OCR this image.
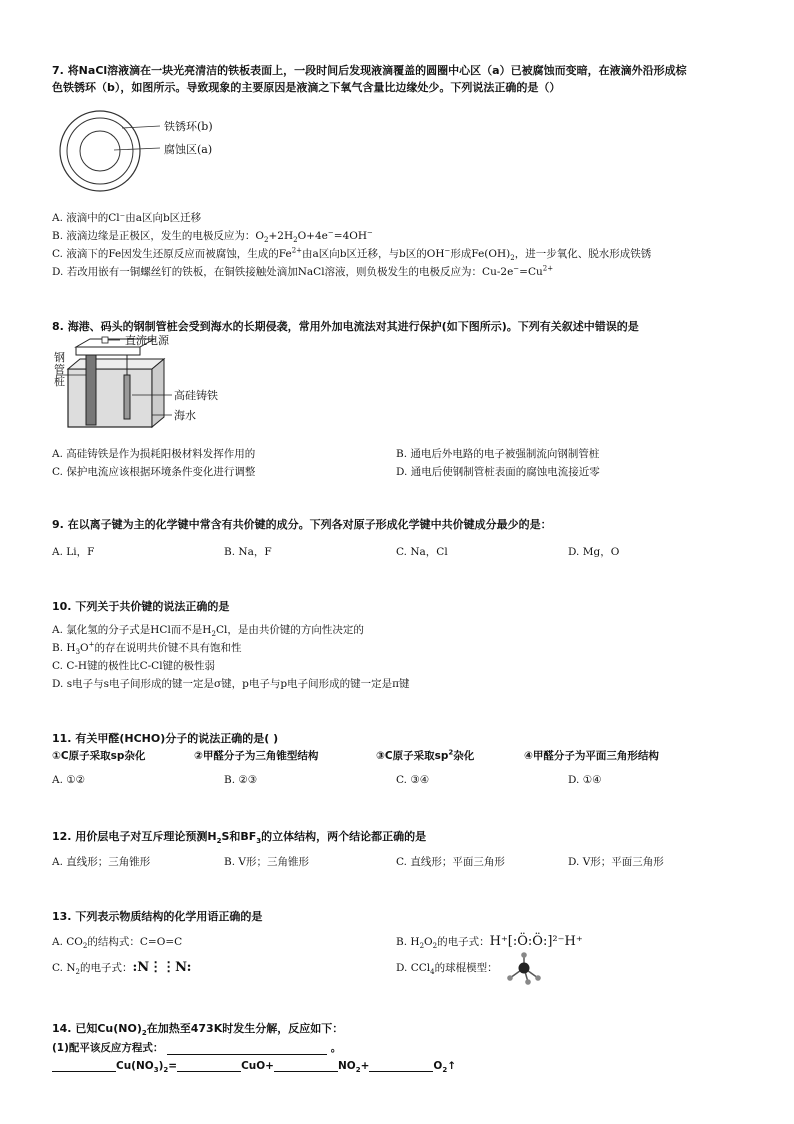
7. 将NaCl溶液滴在一块光亮清洁的铁板表面上，一段时间后发现液滴覆盖的圆圈中心区（a）已被腐蚀而变暗，在液滴外沿形成棕
色铁锈环（b），如图所示。导致现象的主要原因是液滴之下氧气含量比边缘处少。下列说法正确的是（）
铁锈环(b)
腐蚀区(a)
A. 液滴中的Cl⁻由a区向b区迁移
B. 液滴边缘是正极区，发生的电极反应为：$O_2+2H_2O+4e^-=4OH^-$
C. 液滴下的Fe因发生还原反应而被腐蚀，生成的$Fe^{2+}$由a区向b区迁移，与b区的OH−形成$Fe(OH)_2$，进一步氧化、脱水形成铁锈
D. 若改用嵌有一铜螺丝钉的铁板，在铜铁接触处滴加NaCl溶液，则负极发生的电极反应为：$Cu-2e^-=Cu^{2+}$
8. 海港、码头的钢制管桩会受到海水的长期侵袭，常用外加电流法对其进行保护(如下图所示)。下列有关叙述中错误的是
直流电源
钢管桩
高硅铸铁
海水
A. 高硅铸铁是作为损耗阳极材料发挥作用的	B. 通电后外电路的电子被强制流向钢制管桩
C. 保护电流应该根据环境条件变化进行调整	D. 通电后使钢制管桩表面的腐蚀电流接近零
9. 在以离子键为主的化学键中常含有共价键的成分。下列各对原子形成化学键中共价键成分最少的是：
A. Li，F	B. Na，F	C. Na，Cl	D. Mg，O
10. 下列关于共价键的说法正确的是
A. 氯化氢的分子式是HCl而不是$H_2Cl$，是由共价键的方向性决定的
B. $H_3O^+$的存在说明共价键不具有饱和性
C. C-H键的极性比C-Cl键的极性弱
D. s电子与s电子间形成的键一定是σ键，p电子与p电子间形成的键一定是π键
11. 有关甲醛(HCHO)分子的说法正确的是( )
①C原子采取sp杂化	②甲醛分子为三角锥型结构	③C原子采取$sp^2$杂化	④甲醛分子为平面三角形结构
A. ①②	B. ②③	C. ③④	D. ①④
12. 用价层电子对互斥理论预测$H_2S$和$BF_3$的立体结构，两个结论都正确的是
A. 直线形；三角锥形	B. V形；三角锥形	C. 直线形；平面三角形	D. V形；平面三角形
13. 下列表示物质结构的化学用语正确的是
A. $CO_2$的结构式：C=O=C	B. $H_2O_2$的电子式：H⁺[:Ö:Ö:]²⁻H⁺
C. $N_2$的电子式：:N⋮⋮N:	D. CCl$_4$的球棍模型：
14. 已知$Cu(NO)_2$在加热至473K时发生分解，反应如下：
(1)配平该反应方程式：	。
$Cu(NO_3)_2=$	CuO+	$NO_2+$	$O_2↑$
